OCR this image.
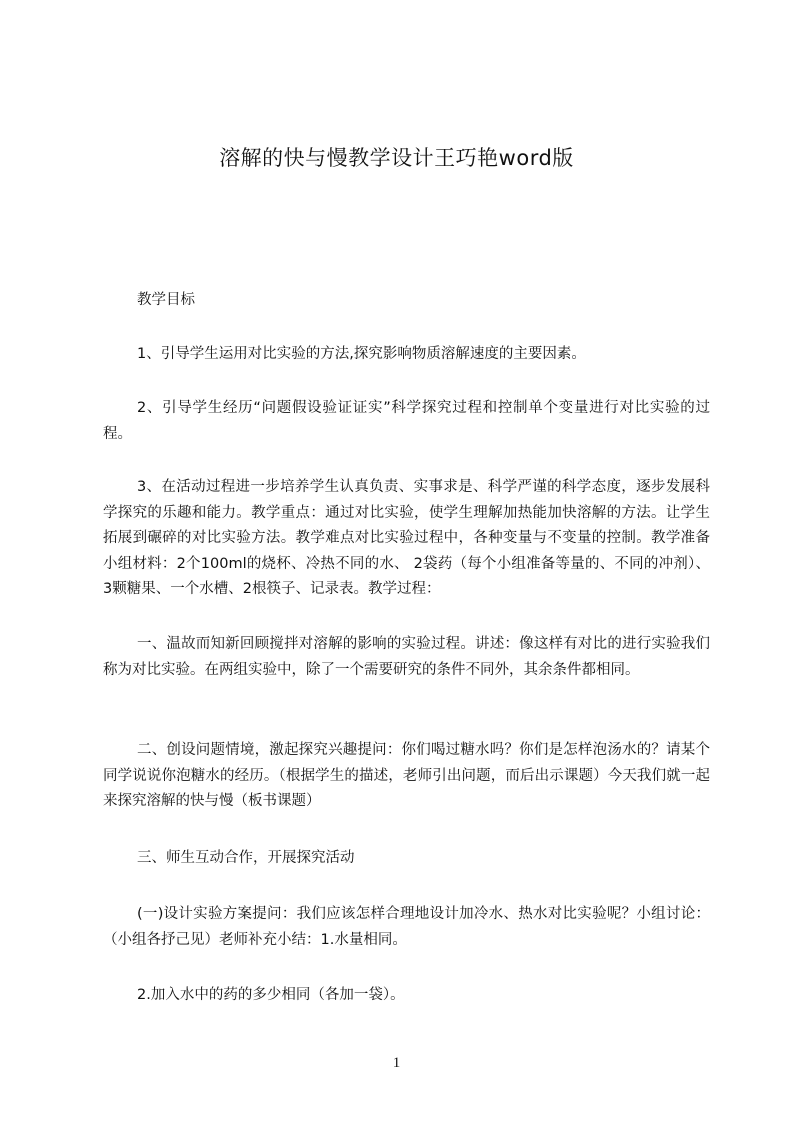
溶解的快与慢教学设计王巧艳word版
教学目标
1、引导学生运用对比实验的方法,探究影响物质溶解速度的主要因素。
2、引导学生经历“问题假设验证证实”科学探究过程和控制单个变量进行对比实验的过程。
3、在活动过程进一步培养学生认真负责、实事求是、科学严谨的科学态度，逐步发展科学探究的乐趣和能力。教学重点：通过对比实验，使学生理解加热能加快溶解的方法。让学生拓展到碾碎的对比实验方法。教学难点对比实验过程中，各种变量与不变量的控制。教学准备小组材料：2个100ml的烧杯、冷热不同的水、 2袋药（每个小组准备等量的、不同的冲剂）、3颗糖果、一个水槽、2根筷子、记录表。教学过程：
一、温故而知新回顾搅拌对溶解的影响的实验过程。讲述：像这样有对比的进行实验我们称为对比实验。在两组实验中，除了一个需要研究的条件不同外，其余条件都相同。
二、创设问题情境，激起探究兴趣提问：你们喝过糖水吗？你们是怎样泡汤水的？请某个同学说说你泡糖水的经历。（根据学生的描述，老师引出问题，而后出示课题）今天我们就一起来探究溶解的快与慢（板书课题）
三、师生互动合作，开展探究活动
(一)设计实验方案提问：我们应该怎样合理地设计加冷水、热水对比实验呢？小组讨论：（小组各抒己见）老师补充小结：1.水量相同。
2.加入水中的药的多少相同（各加一袋）。
1
